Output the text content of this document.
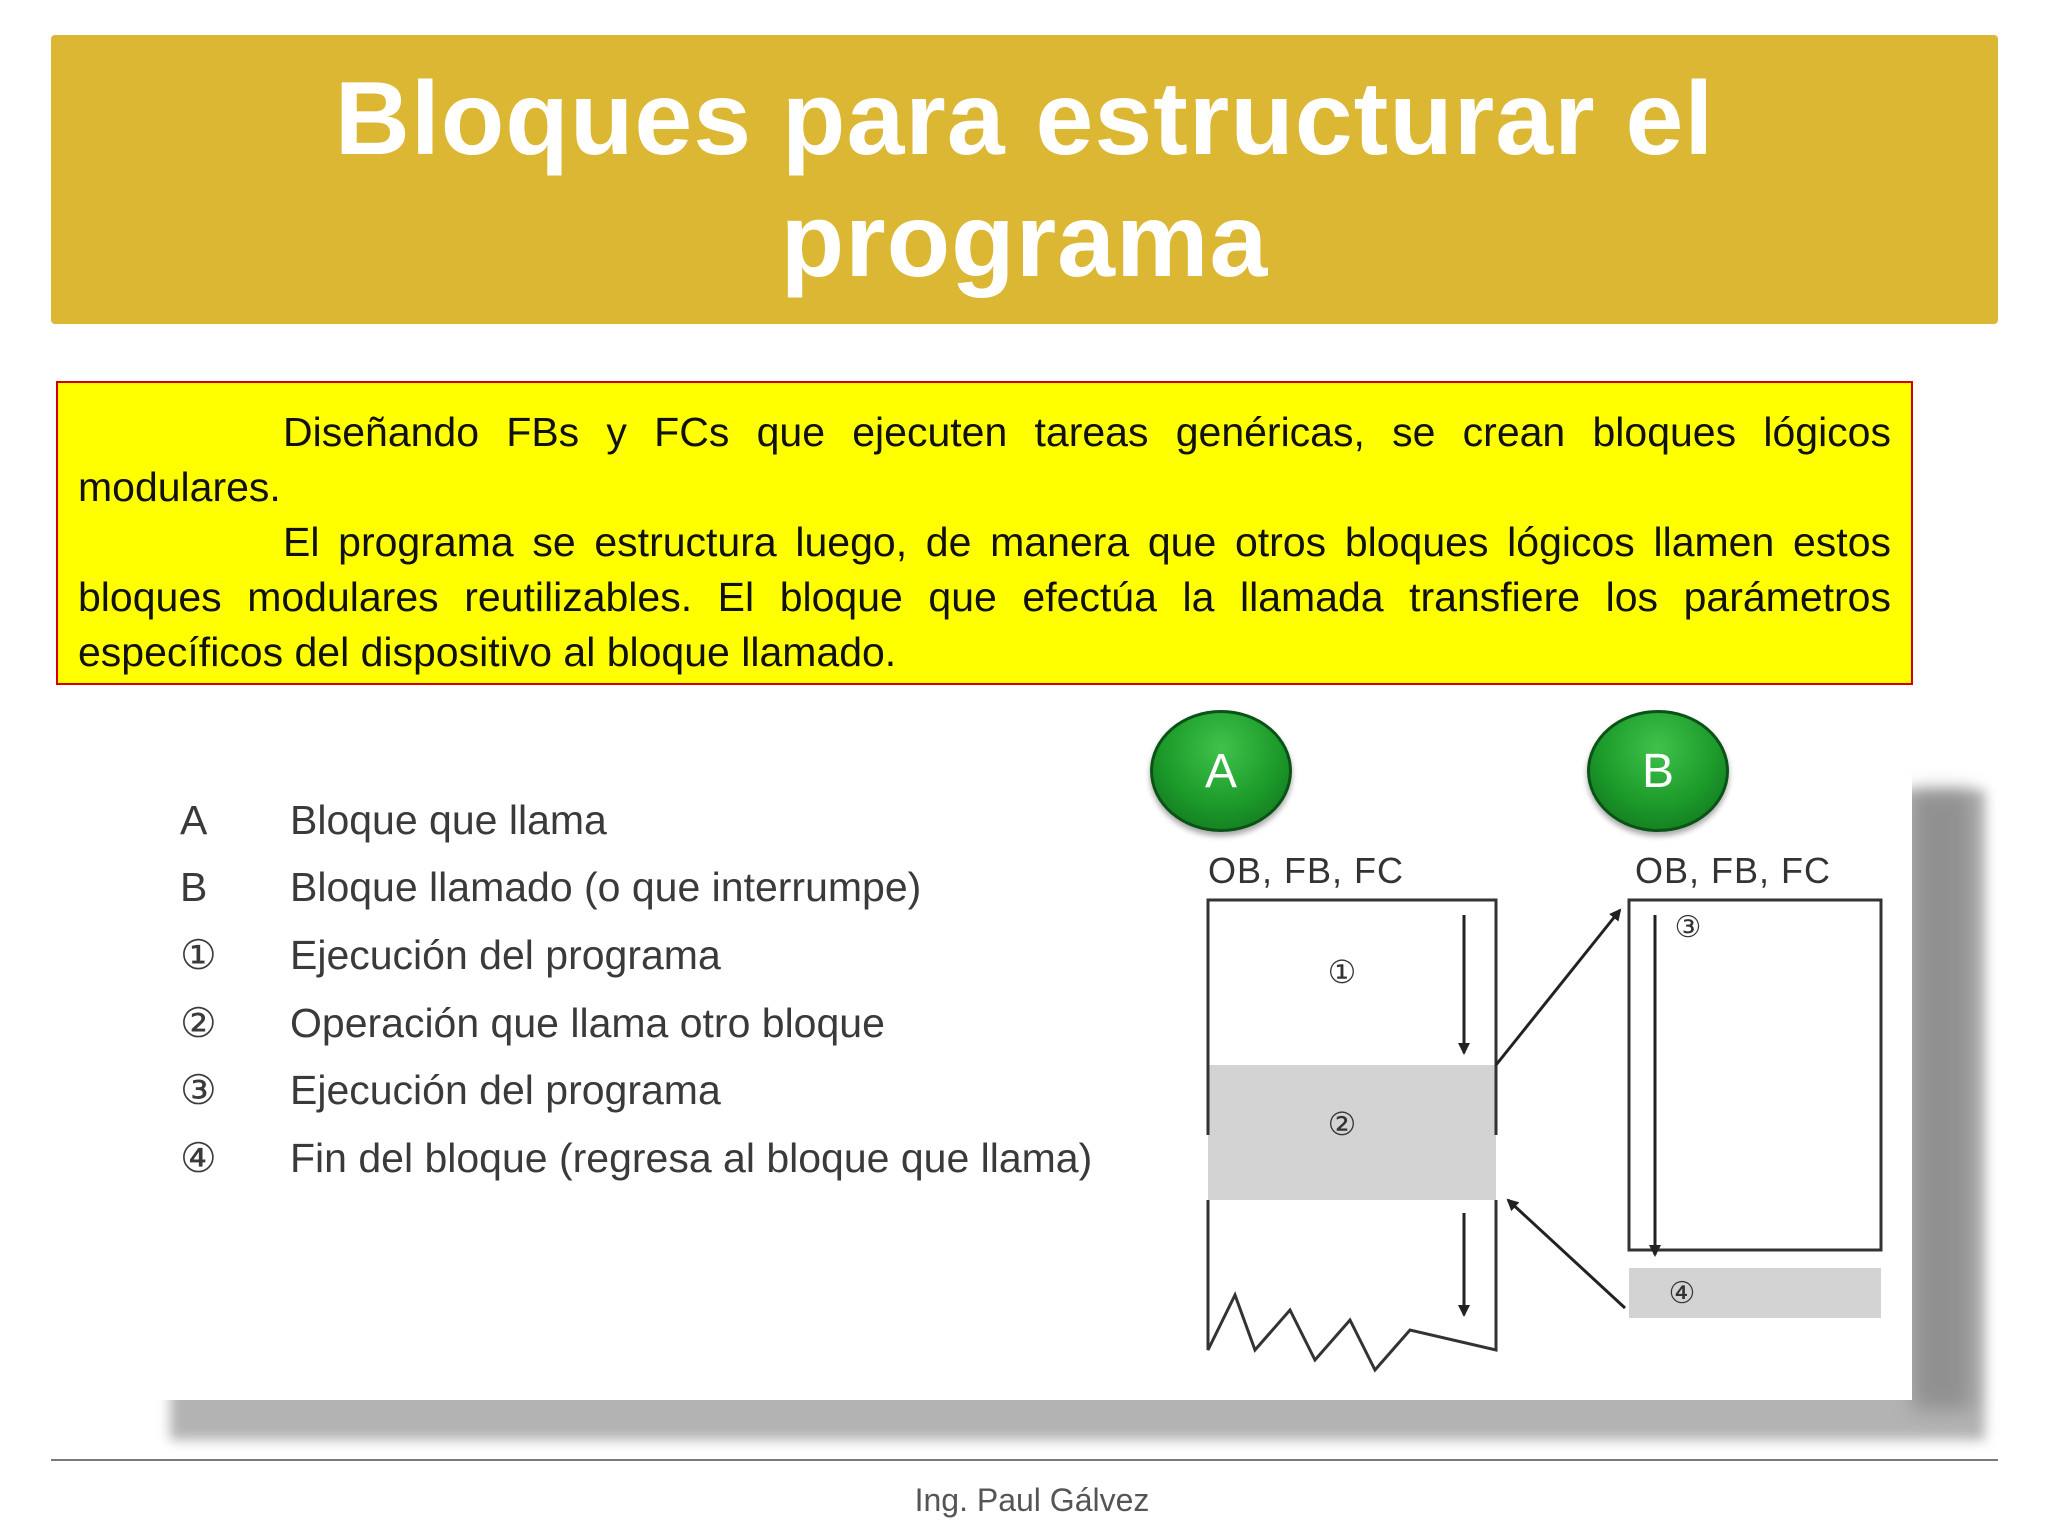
Bloques para estructurar el programa

Diseñando FBs y FCs que ejecuten tareas genéricas, se crean bloques lógicos modulares.

El programa se estructura luego, de manera que otros bloques lógicos llamen estos bloques modulares reutilizables. El bloque que efectúa la llamada transfiere los parámetros específicos del dispositivo al bloque llamado.

A	Bloque que llama
B	Bloque llamado (o que interrumpe)
①	Ejecución del programa
②	Operación que llama otro bloque
③	Ejecución del programa
④	Fin del bloque (regresa al bloque que llama)
①
②
③
④
OB, FB, FC	OB, FB, FC
A	B
Ing. Paul Gálvez
